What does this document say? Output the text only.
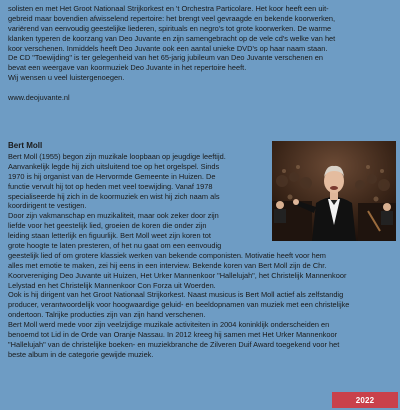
solisten en met Het Groot Nationaal Strijkorkest en 't Orchestra Particolare. Het koor heeft een uit-
gebreid maar bovendien afwisselend repertoire: het brengt veel gevraagde en bekende koorwerken,
variërend van eenvoudig geestelijke liederen, spirituals en negro's tot grote koorwerken. De warme
klanken typeren de koorzang van Deo Juvante en zijn samengebracht op de vele cd's welke van het
koor verschenen. Inmiddels heeft Deo Juvante ook een aantal unieke DVD's op haar naam staan.
De CD "Toewijding" is ter gelegenheid van het 65-jarig jubileum van Deo Juvante verschenen en
bevat een weergave van koormuziek Deo Juvante in het repertoire heeft.
Wij wensen u veel luistergenoegen.
www.deojuvante.nl
Bert Moll
Bert Moll (1955) begon zijn muzikale loopbaan op jeugdige leeftijd.
Aanvankelijk legde hij zich uitsluitend toe op het orgelspel. Sinds
1970 is hij organist van de Hervormde Gemeente in Huizen. De
functie vervult hij tot op heden met veel toewijding. Vanaf 1978
specialiseerde hij zich in de koormuziek en wist hij zich naam als
koordirigent te vestigen.
Door zijn vakmanschap en muzikaliteit, maar ook zeker door zijn
liefde voor het geestelijk lied, groeien de koren die onder zijn
leiding staan letterlijk en figuurlijk. Bert Moll weet zijn koren tot
grote hoogte te laten presteren, of het nu gaat om een eenvoudig
geestelijk lied of om grotere klassiek werken van bekende componisten. Motivatie heeft voor hem
alles met emotie te maken, zei hij eens in een interview. Bekende koren van Bert Moll zijn de Chr.
Koorvereniging Deo Juvante uit Huizen, Het Urker Mannenkoor "Hallelujah", het Christelijk Mannenkoor
Lelystad en het Christelijk Mannenkoor Con Forza uit Woerden.
Ook is hij dirigent van het Groot Nationaal Strijkorkest. Naast musicus is Bert Moll actief als zelfstandig
producer, verantwoordelijk voor hoogwaardige geluid- en beeldopnamen van muziek met een christelijke
ondertoon. Talrijke producties zijn van zijn hand verschenen.
Bert Moll werd mede voor zijn veelzijdige muzikale activiteiten in 2004 koninklijk onderscheiden en
benoemd tot Lid in de Orde van Oranje Nassau. In 2012 kreeg hij samen met Het Urker Mannenkoor
"Hallelujah" van de christelijke boeken- en muziekbranche de Zilveren Duif Award toegekend voor het
beste album in de categorie gewijde muziek.
2022
